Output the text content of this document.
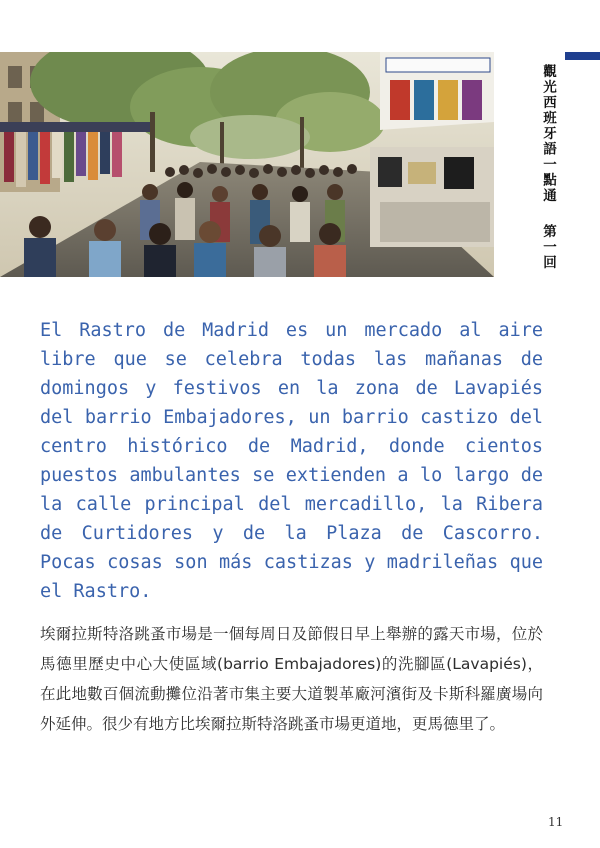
觀光西班牙語一點通 第一回

El Rastro de Madrid es un mercado al aire libre que se celebra todas las mañanas de domingos y festivos en la zona de Lavapiés del barrio Embajadores, un barrio castizo del centro histórico de Madrid, donde cientos puestos ambulantes se extienden a lo largo de la calle principal del mercadillo, la Ribera de Curtidores y de la Plaza de Cascorro. Pocas cosas son más castizas y madrileñas que el Rastro.

埃爾拉斯特洛跳蚤市場是一個每周日及節假日早上舉辦的露天市場，位於馬德里歷史中心大使區域(barrio Embajadores)的洗腳區(Lavapiés)，在此地數百個流動攤位沿著市集主要大道製革廠河濱街及卡斯科羅廣場向外延伸。很少有地方比埃爾拉斯特洛跳蚤市場更道地，更馬德里了。

11
